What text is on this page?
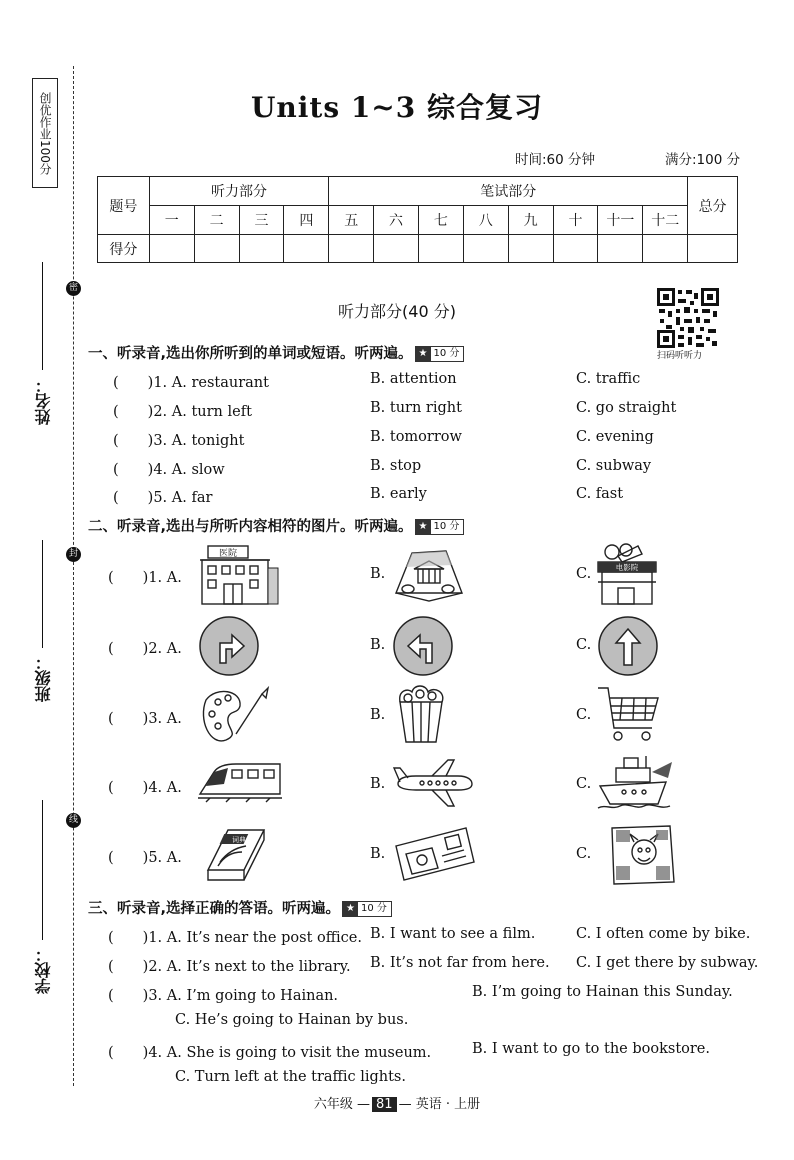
创优作业100分
密
封
线
姓名：
班级：
学校：
Units 1~3 综合复习
时间:60 分钟	满分:100 分
题号	听力部分				笔试部分								总分
	一	二	三	四	五	六	七	八	九	十	十一	十二	
得分													
听力部分(40 分)
扫码听听力
一、听录音,选出你所听到的单词或短语。听两遍。 ★ 10 分
(　　)1. A. restaurant	B. attention	C. traffic
(　　)2. A. turn left	B. turn right	C. go straight
(　　)3. A. tonight	B. tomorrow	C. evening
(　　)4. A. slow	B. stop	C. subway
(　　)5. A. far	B. early	C. fast
二、听录音,选出与所听内容相符的图片。听两遍。 ★ 10 分
(　　)1. A.
医院
B.	C.	电影院
(　　)2. A.	B.	C.
(　　)3. A.	B.	C.
(　　)4. A.	B.	C.
(　　)5. A.
词典
B.	C.
三、听录音,选择正确的答语。听两遍。 ★ 10 分
(　　)1. A. It’s near the post office. B. I want to see a film.	C. I often come by bike.
(　　)2. A. It’s next to the library. B. It’s not far from here. C. I get there by subway.
(　　)3. A. I’m going to Hainan.	B. I’m going to Hainan this Sunday.
C. He’s going to Hainan by bus.
(　　)4. A. She is going to visit the museum.	B. I want to go to the bookstore.
C. Turn left at the traffic lights.
六年级 — 81 — 英语 · 上册
